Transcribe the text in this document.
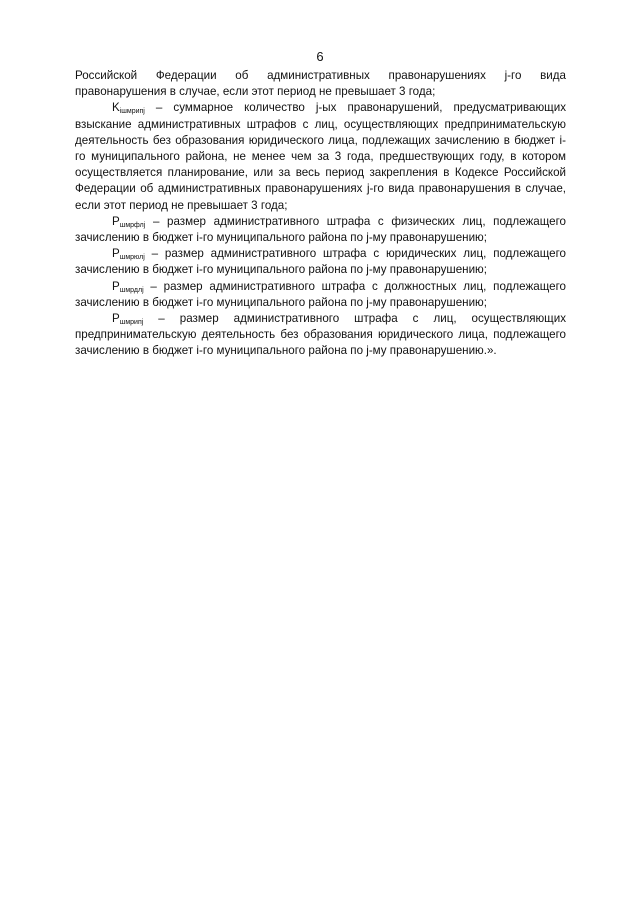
6

Российской Федерации об административных правонарушениях j-го вида правонарушения в случае, если этот период не превышает 3 года;

$K_{iшмрипj}$ – суммарное количество j-ых правонарушений, предусматривающих взыскание административных штрафов с лиц, осуществляющих предпринимательскую деятельность без образования юридического лица, подлежащих зачислению в бюджет i-го муниципального района, не менее чем за 3 года, предшествующих году, в котором осуществляется планирование, или за весь период закрепления в Кодексе Российской Федерации об административных правонарушениях j-го вида правонарушения в случае, если этот период не превышает 3 года;

$P_{шмрфлj}$ – размер административного штрафа с физических лиц, подлежащего зачислению в бюджет i-го муниципального района по j-му правонарушению;

$P_{шмрюлj}$ – размер административного штрафа с юридических лиц, подлежащего зачислению в бюджет i-го муниципального района по j-му правонарушению;

$P_{шмрдлj}$ – размер административного штрафа с должностных лиц, подлежащего зачислению в бюджет i-го муниципального района по j-му правонарушению;

$P_{шмрипj}$ – размер административного штрафа с лиц, осуществляющих предпринимательскую деятельность без образования юридического лица, подлежащего зачислению в бюджет i-го муниципального района по j-му правонарушению.».
